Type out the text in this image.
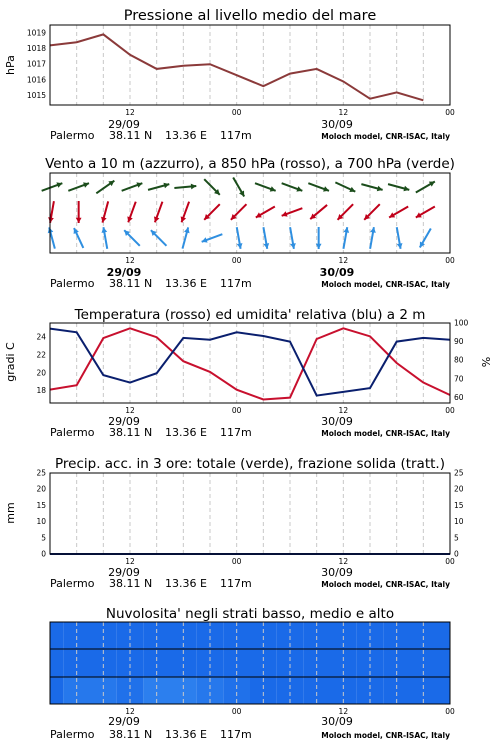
Pressione al livello medio del mare
1015
1016
1017
1018
1019
hPa
12	00	12	00
29/09	30/09
Palermo 38.11 N 13.36 E 117m	Moloch model, CNR-ISAC, Italy
Vento a 10 m (azzurro), a 850 hPa (rosso), a 700 hPa (verde)
12	00	12	00
29/09	30/09
Palermo 38.11 N 13.36 E 117m	Moloch model, CNR-ISAC, Italy
Temperatura (rosso) ed umidita' relativa (blu) a 2 m
18
20
22
24
60
70
80
90
100
gradi C	%
12	00	12	00
29/09	30/09
Palermo 38.11 N 13.36 E 117m	Moloch model, CNR-ISAC, Italy
Precip. acc. in 3 ore: totale (verde), frazione solida (tratt.)
0
5
10
15
20
25
0
5
10
15
20
25
mm
12	00	12	00
29/09	30/09
Palermo 38.11 N 13.36 E 117m	Moloch model, CNR-ISAC, Italy
Nuvolosita' negli strati basso, medio e alto
12	00	12	00
29/09	30/09
Palermo 38.11 N 13.36 E 117m	Moloch model, CNR-ISAC, Italy
